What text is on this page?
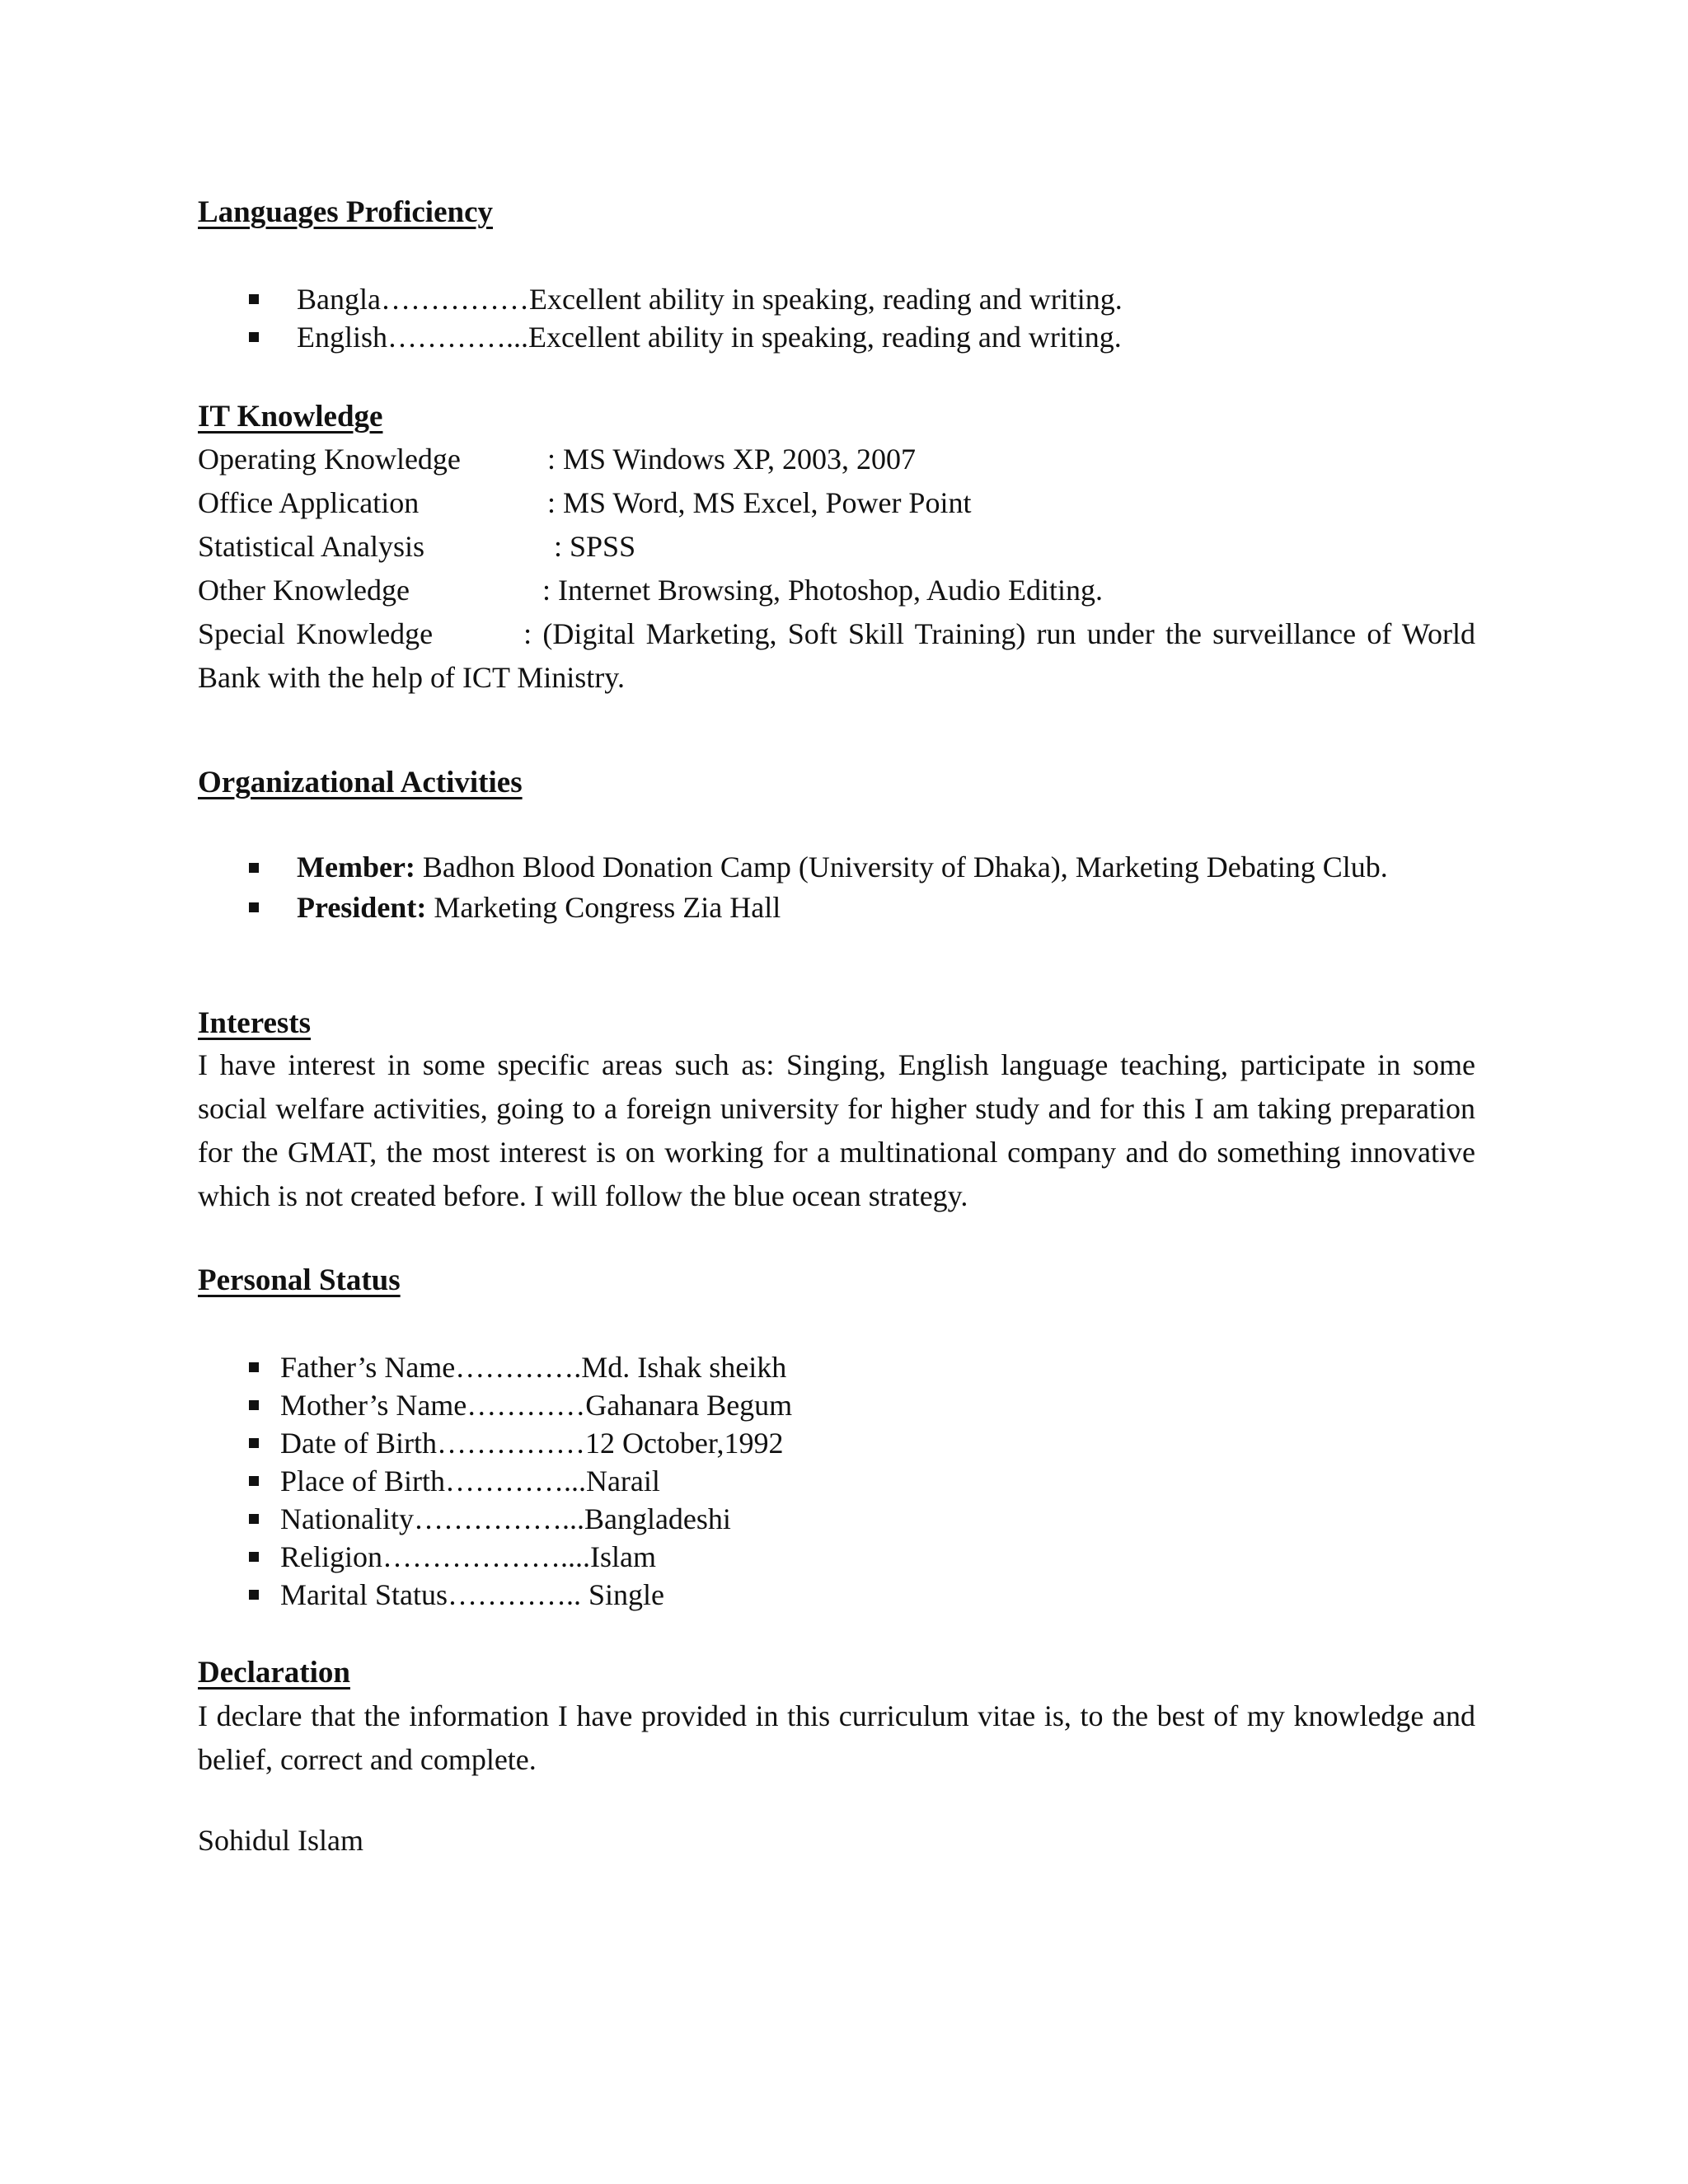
Languages Proficiency
Bangla……………Excellent ability in speaking, reading and writing.
English…………...Excellent ability in speaking, reading and writing.
IT Knowledge
Operating Knowledge	: MS Windows XP, 2003, 2007
Office Application	: MS Word, MS Excel, Power Point
Statistical Analysis	: SPSS
Other Knowledge	: Internet Browsing, Photoshop, Audio Editing.
Special Knowledge	: (Digital Marketing, Soft Skill Training) run under the surveillance of World Bank with the help of ICT Ministry.
Organizational Activities
Member: Badhon Blood Donation Camp (University of Dhaka), Marketing Debating Club.
President: Marketing Congress Zia Hall
Interests
I have interest in some specific areas such as: Singing, English language teaching, participate in some social welfare activities, going to a foreign university for higher study and for this I am taking preparation for the GMAT, the most interest is on working for a multinational company and do something innovative which is not created before. I will follow the blue ocean strategy.
Personal Status
Father’s Name………….Md. Ishak sheikh
Mother’s Name…………Gahanara Begum
Date of Birth……………12 October,1992
Place of Birth…………...Narail
Nationality……………...Bangladeshi
Religion………………....Islam
Marital Status………….. Single
Declaration
I declare that the information I have provided in this curriculum vitae is, to the best of my knowledge and belief, correct and complete.
Sohidul Islam
